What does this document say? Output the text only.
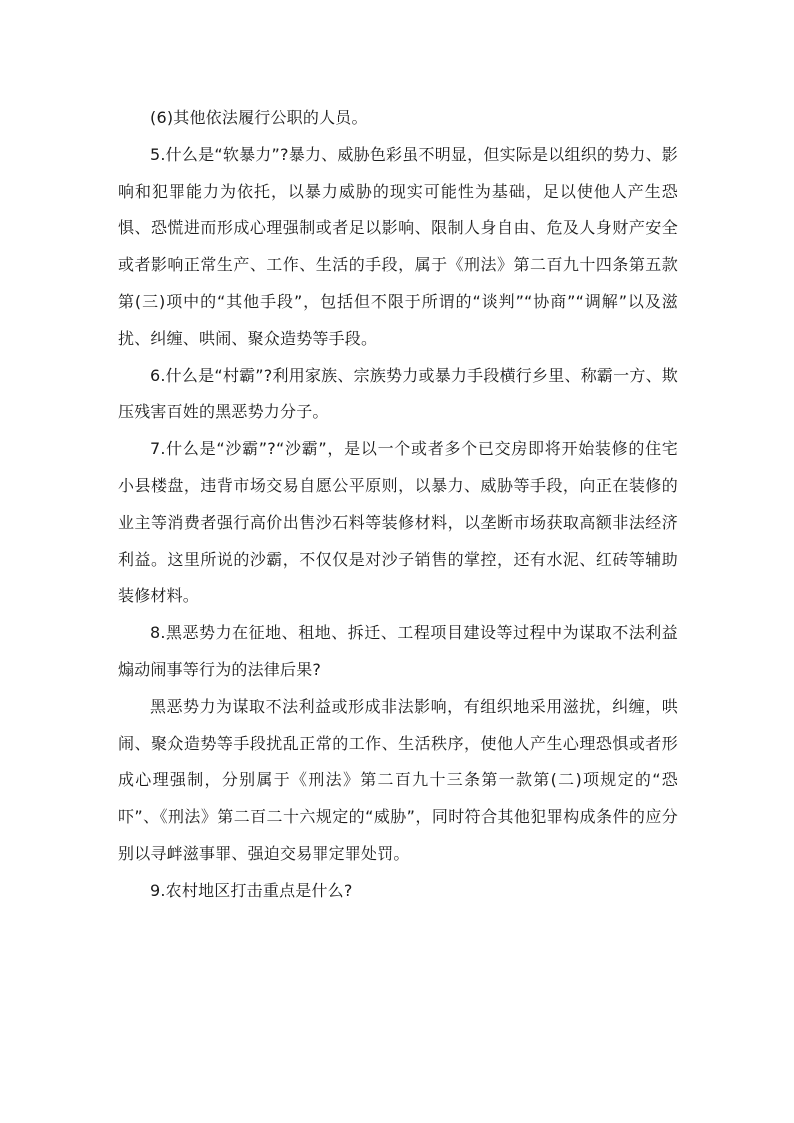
(6)其他依法履行公职的人员。

5.什么是“软暴力”?暴力、威胁色彩虽不明显，但实际是以组织的势力、影响和犯罪能力为依托，以暴力威胁的现实可能性为基础，足以使他人产生恐惧、恐慌进而形成心理强制或者足以影响、限制人身自由、危及人身财产安全或者影响正常生产、工作、生活的手段，属于《刑法》第二百九十四条第五款第(三)项中的“其他手段”，包括但不限于所谓的“谈判”“协商”“调解”以及滋扰、纠缠、哄闹、聚众造势等手段。

6.什么是“村霸”?利用家族、宗族势力或暴力手段横行乡里、称霸一方、欺压残害百姓的黑恶势力分子。

7.什么是“沙霸”?“沙霸”，是以一个或者多个已交房即将开始装修的住宅小县楼盘，违背市场交易自愿公平原则，以暴力、威胁等手段，向正在装修的业主等消费者强行高价出售沙石料等装修材料，以垄断市场获取高额非法经济利益。这里所说的沙霸，不仅仅是对沙子销售的掌控，还有水泥、红砖等辅助装修材料。

8.黑恶势力在征地、租地、拆迁、工程项目建设等过程中为谋取不法利益煽动闹事等行为的法律后果?

黑恶势力为谋取不法利益或形成非法影响，有组织地采用滋扰，纠缠，哄闹、聚众造势等手段扰乱正常的工作、生活秩序，使他人产生心理恐惧或者形成心理强制，分别属于《刑法》第二百九十三条第一款第(二)项规定的“恐吓”、《刑法》第二百二十六规定的“威胁”，同时符合其他犯罪构成条件的应分别以寻衅滋事罪、强迫交易罪定罪处罚。

9.农村地区打击重点是什么?
